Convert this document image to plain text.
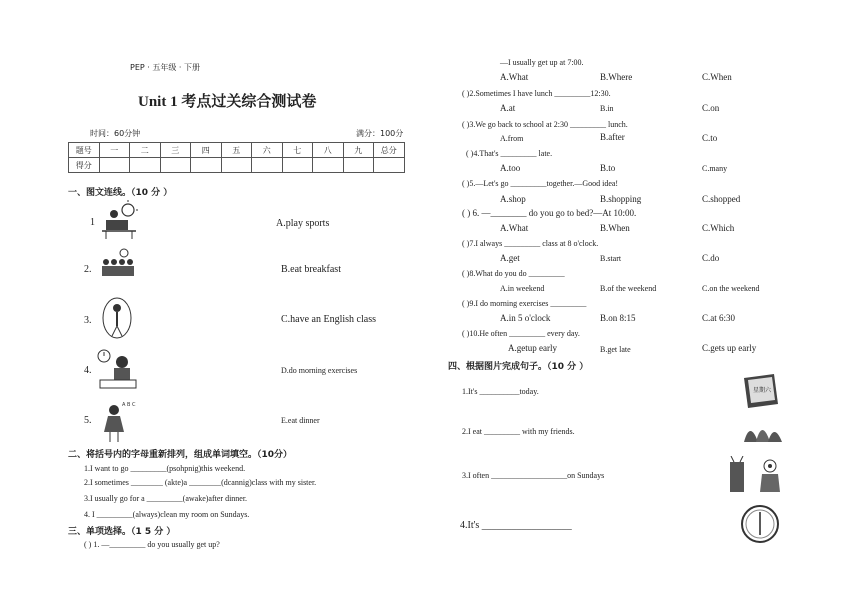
PEP · 五年级 · 下册
Unit 1 考点过关综合测试卷
时间：60分钟	满分：100分
题号	一	二	三	四	五	六	七	八	九	总分
得分										
一、图文连线。（10 分 ）
1
2.
3.
4.
5.
A B C
A.play sports
B.eat breakfast
C.have an English class
D.do morning exercises
E.eat dinner
二、将括号内的字母重新排列，组成单词填空。（10分）
1.I want to go _________(psohpnig)this weekend.
2.I sometimes ________ (akte)a ________(dcannig)class with my sister.
3.I usually go for a _________(awake)after dinner.
4. I _________(always)clean my room on Sundays.
三、单项选择。（1 5 分 ）
( ) 1. —_________ do you usually get up?
—I usually get up at 7:00.
A.What	B.Where	C.When
( )2.Sometimes I have lunch _________12:30.
A.at	B.in	C.on
( )3.We go back to school at 2:30 _________ lunch.
A.from	B.after	C.to
( )4.That's _________ late.
A.too	B.to	C.many
( )5.—Let's go _________together.—Good idea!
A.shop	B.shopping	C.shopped
( ) 6. —________ do you go to bed?—At 10:00.
A.What	B.When	C.Which
( )7.I always _________ class at 8 o'clock.
A.get	B.start	C.do
( )8.What do you do _________
A.in weekend	B.of the weekend	C.on the weekend
( )9.I do morning exercises _________
A.in 5 o'clock	B.on 8:15	C.at 6:30
( )10.He often _________ every day.
A.getup early	B.get late	C.gets up early
四、根据图片完成句子。（10 分 ）
1.It's __________today.
2.I eat _________ with my friends.
3.I often ___________________on Sundays
4.It's __________________
星期六
